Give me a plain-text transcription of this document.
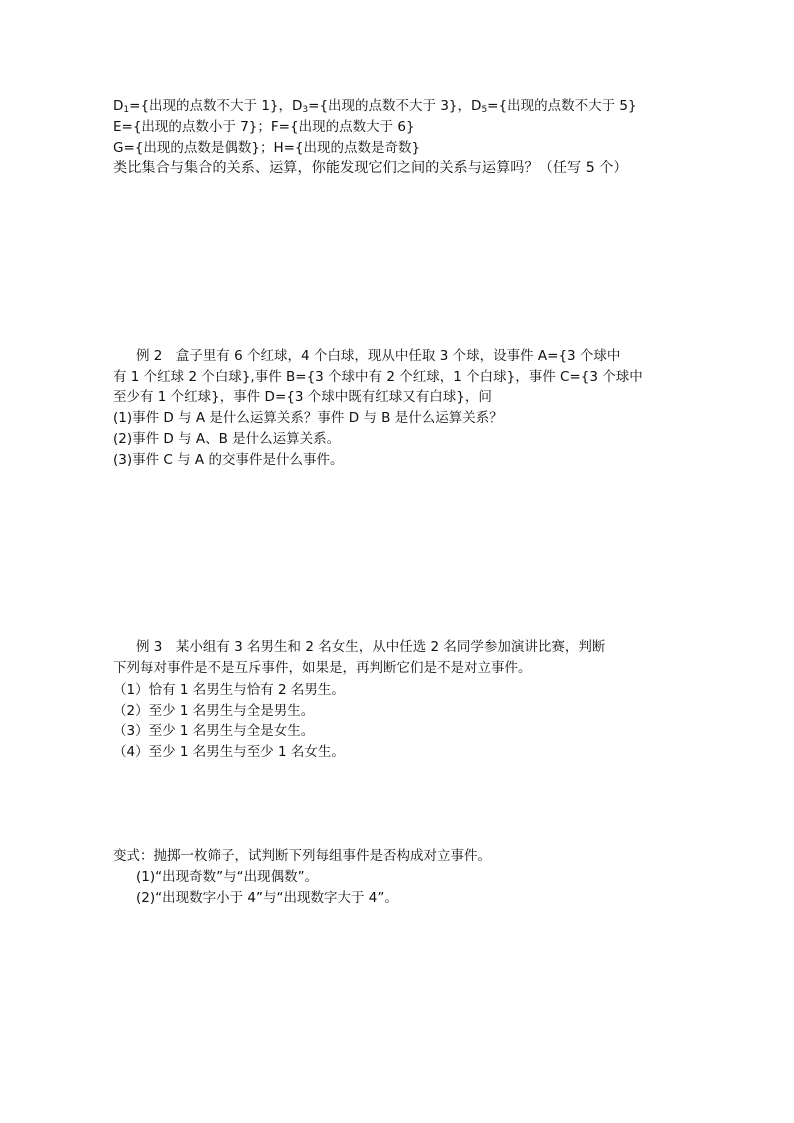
$D_1=${出现的点数不大于 1}，$D_3=${出现的点数不大于 3}，$D_5=${出现的点数不大于 5}
E={出现的点数小于 7}；F={出现的点数大于 6}
G={出现的点数是偶数}；H={出现的点数是奇数}
类比集合与集合的关系、运算，你能发现它们之间的关系与运算吗？（任写 5 个）
例 2　盒子里有 6 个红球，4 个白球，现从中任取 3 个球，设事件 A={3 个球中
有 1 个红球 2 个白球},事件 B={3 个球中有 2 个红球，1 个白球}，事件 C={3 个球中
至少有 1 个红球}，事件 D={3 个球中既有红球又有白球}，问
(1)事件 D 与 A 是什么运算关系？事件 D 与 B 是什么运算关系？
(2)事件 D 与 A、B 是什么运算关系。
(3)事件 C 与 A 的交事件是什么事件。
例 3　某小组有 3 名男生和 2 名女生，从中任选 2 名同学参加演讲比赛，判断
下列每对事件是不是互斥事件，如果是，再判断它们是不是对立事件。
（1）恰有 1 名男生与恰有 2 名男生。
（2）至少 1 名男生与全是男生。
（3）至少 1 名男生与全是女生。
（4）至少 1 名男生与至少 1 名女生。
变式：抛掷一枚筛子，试判断下列每组事件是否构成对立事件。
(1)“出现奇数”与“出现偶数”。
(2)“出现数字小于 4”与“出现数字大于 4”。
